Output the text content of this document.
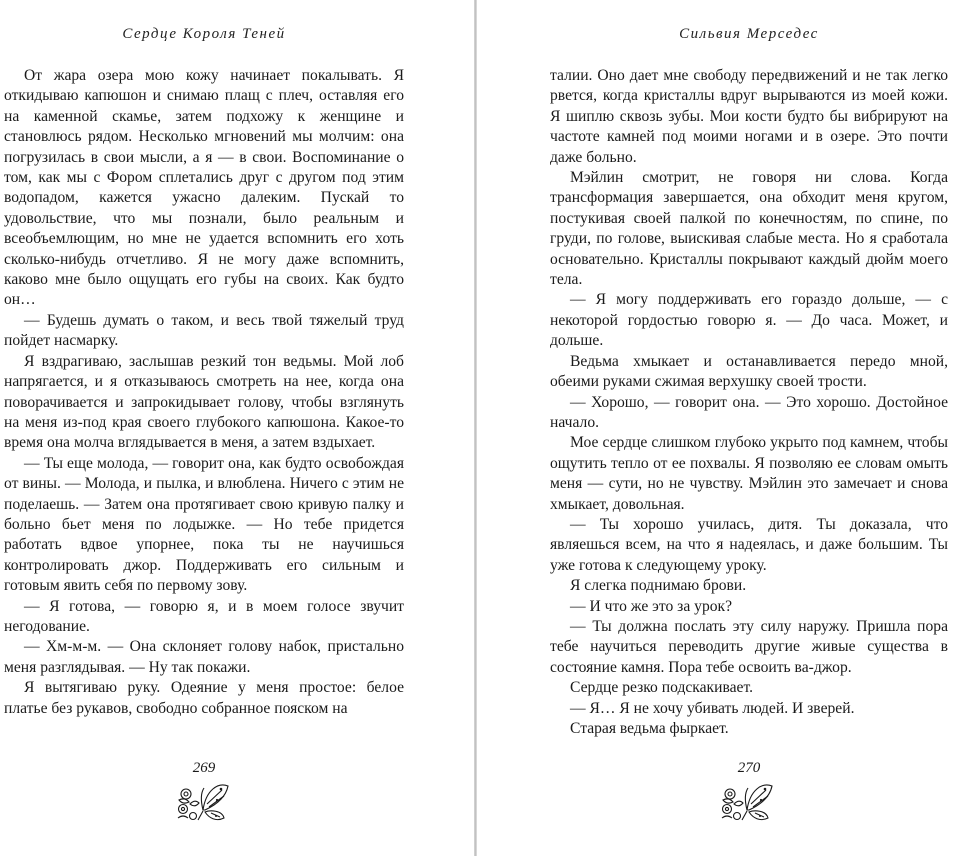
Сердце Короля Теней

От жара озера мою кожу начинает покалывать. Я откидываю капюшон и снимаю плащ с плеч, оставляя его на каменной скамье, затем подхожу к женщине и становлюсь рядом. Несколько мгновений мы молчим: она погрузилась в свои мысли, а я — в свои. Воспоминание о том, как мы с Фором сплетались друг с другом под этим водопадом, кажется ужасно далеким. Пускай то удовольствие, что мы познали, было реальным и всеобъемлющим, но мне не удается вспомнить его хоть сколько-нибудь отчетливо. Я не могу даже вспомнить, каково мне было ощущать его губы на своих. Как будто он…

— Будешь думать о таком, и весь твой тяжелый труд пойдет насмарку.

Я вздрагиваю, заслышав резкий тон ведьмы. Мой лоб напрягается, и я отказываюсь смотреть на нее, когда она поворачивается и запрокидывает голову, чтобы взглянуть на меня из-под края своего глубокого капюшона. Какое-то время она молча вглядывается в меня, а затем вздыхает.

— Ты еще молода, — говорит она, как будто освобождая от вины. — Молода, и пылка, и влюблена. Ничего с этим не поделаешь. — Затем она протягивает свою кривую палку и больно бьет меня по лодыжке. — Но тебе придется работать вдвое упорнее, пока ты не научишься контролировать джор. Поддерживать его сильным и готовым явить себя по первому зову.

— Я готова, — говорю я, и в моем голосе звучит негодование.

— Хм-м-м. — Она склоняет голову набок, пристально меня разглядывая. — Ну так покажи.

Я вытягиваю руку. Одеяние у меня простое: белое платье без рукавов, свободно собранное пояском на

269
Сильвия Мерседес

талии. Оно дает мне свободу передвижений и не так легко рвется, когда кристаллы вдруг вырываются из моей кожи. Я шиплю сквозь зубы. Мои кости будто бы вибрируют на частоте камней под моими ногами и в озере. Это почти даже больно.

Мэйлин смотрит, не говоря ни слова. Когда трансформация завершается, она обходит меня кругом, постукивая своей палкой по конечностям, по спине, по груди, по голове, выискивая слабые места. Но я сработала основательно. Кристаллы покрывают каждый дюйм моего тела.

— Я могу поддерживать его гораздо дольше, — с некоторой гордостью говорю я. — До часа. Может, и дольше.

Ведьма хмыкает и останавливается передо мной, обеими руками сжимая верхушку своей трости.

— Хорошо, — говорит она. — Это хорошо. Достойное начало.

Мое сердце слишком глубоко укрыто под камнем, чтобы ощутить тепло от ее похвалы. Я позволяю ее словам омыть меня — сути, но не чувству. Мэйлин это замечает и снова хмыкает, довольная.

— Ты хорошо училась, дитя. Ты доказала, что являешься всем, на что я надеялась, и даже большим. Ты уже готова к следующему уроку.

Я слегка поднимаю брови.

— И что же это за урок?

— Ты должна послать эту силу наружу. Пришла пора тебе научиться переводить другие живые существа в состояние камня. Пора тебе освоить ва-джор.

Сердце резко подскакивает.

— Я… Я не хочу убивать людей. И зверей.

Старая ведьма фыркает.

270
